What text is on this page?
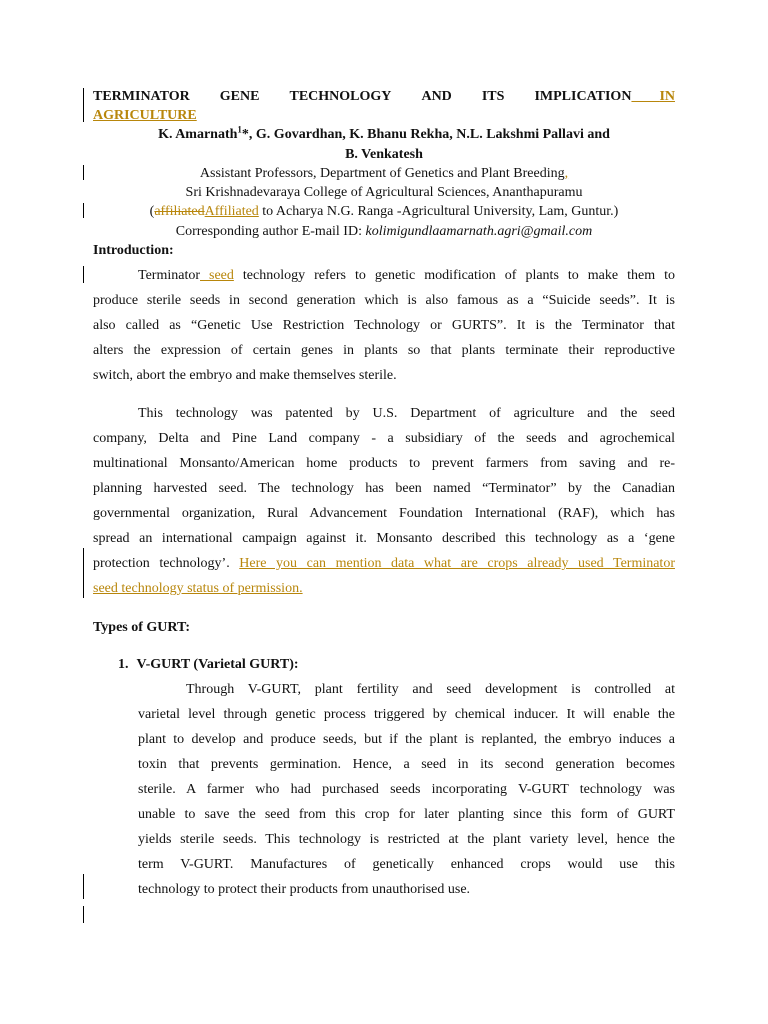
TERMINATOR GENE TECHNOLOGY AND ITS IMPLICATION IN
AGRICULTURE
K. Amarnath$^1$*, G. Govardhan, K. Bhanu Rekha, N.L. Lakshmi Pallavi and
B. Venkatesh
Assistant Professors, Department of Genetics and Plant Breeding,
Sri Krishnadevaraya College of Agricultural Sciences, Ananthapuramu
(affiliatedAffiliated to Acharya N.G. Ranga -Agricultural University, Lam, Guntur.)
Corresponding author E-mail ID: kolimigundlaamarnath.agri@gmail.com
Introduction:
Terminator seed technology refers to genetic modification of plants to make them to
produce sterile seeds in second generation which is also famous as a “Suicide seeds”. It is
also called as “Genetic Use Restriction Technology or GURTS”. It is the Terminator that
alters the expression of certain genes in plants so that plants terminate their reproductive
switch, abort the embryo and make themselves sterile.
This technology was patented by U.S. Department of agriculture and the seed
company, Delta and Pine Land company - a subsidiary of the seeds and agrochemical
multinational Monsanto/American home products to prevent farmers from saving and re-
planning harvested seed. The technology has been named “Terminator” by the Canadian
governmental organization, Rural Advancement Foundation International (RAF), which has
spread an international campaign against it. Monsanto described this technology as a ‘gene
protection technology’. Here you can mention data what are crops already used Terminator
seed technology status of permission.
Types of GURT:
1. V-GURT (Varietal GURT):
Through V-GURT, plant fertility and seed development is controlled at
varietal level through genetic process triggered by chemical inducer. It will enable the
plant to develop and produce seeds, but if the plant is replanted, the embryo induces a
toxin that prevents germination. Hence, a seed in its second generation becomes
sterile. A farmer who had purchased seeds incorporating V-GURT technology was
unable to save the seed from this crop for later planting since this form of GURT
yields sterile seeds. This technology is restricted at the plant variety level, hence the
term V-GURT. Manufactures of genetically enhanced crops would use this
technology to protect their products from unauthorised use.
